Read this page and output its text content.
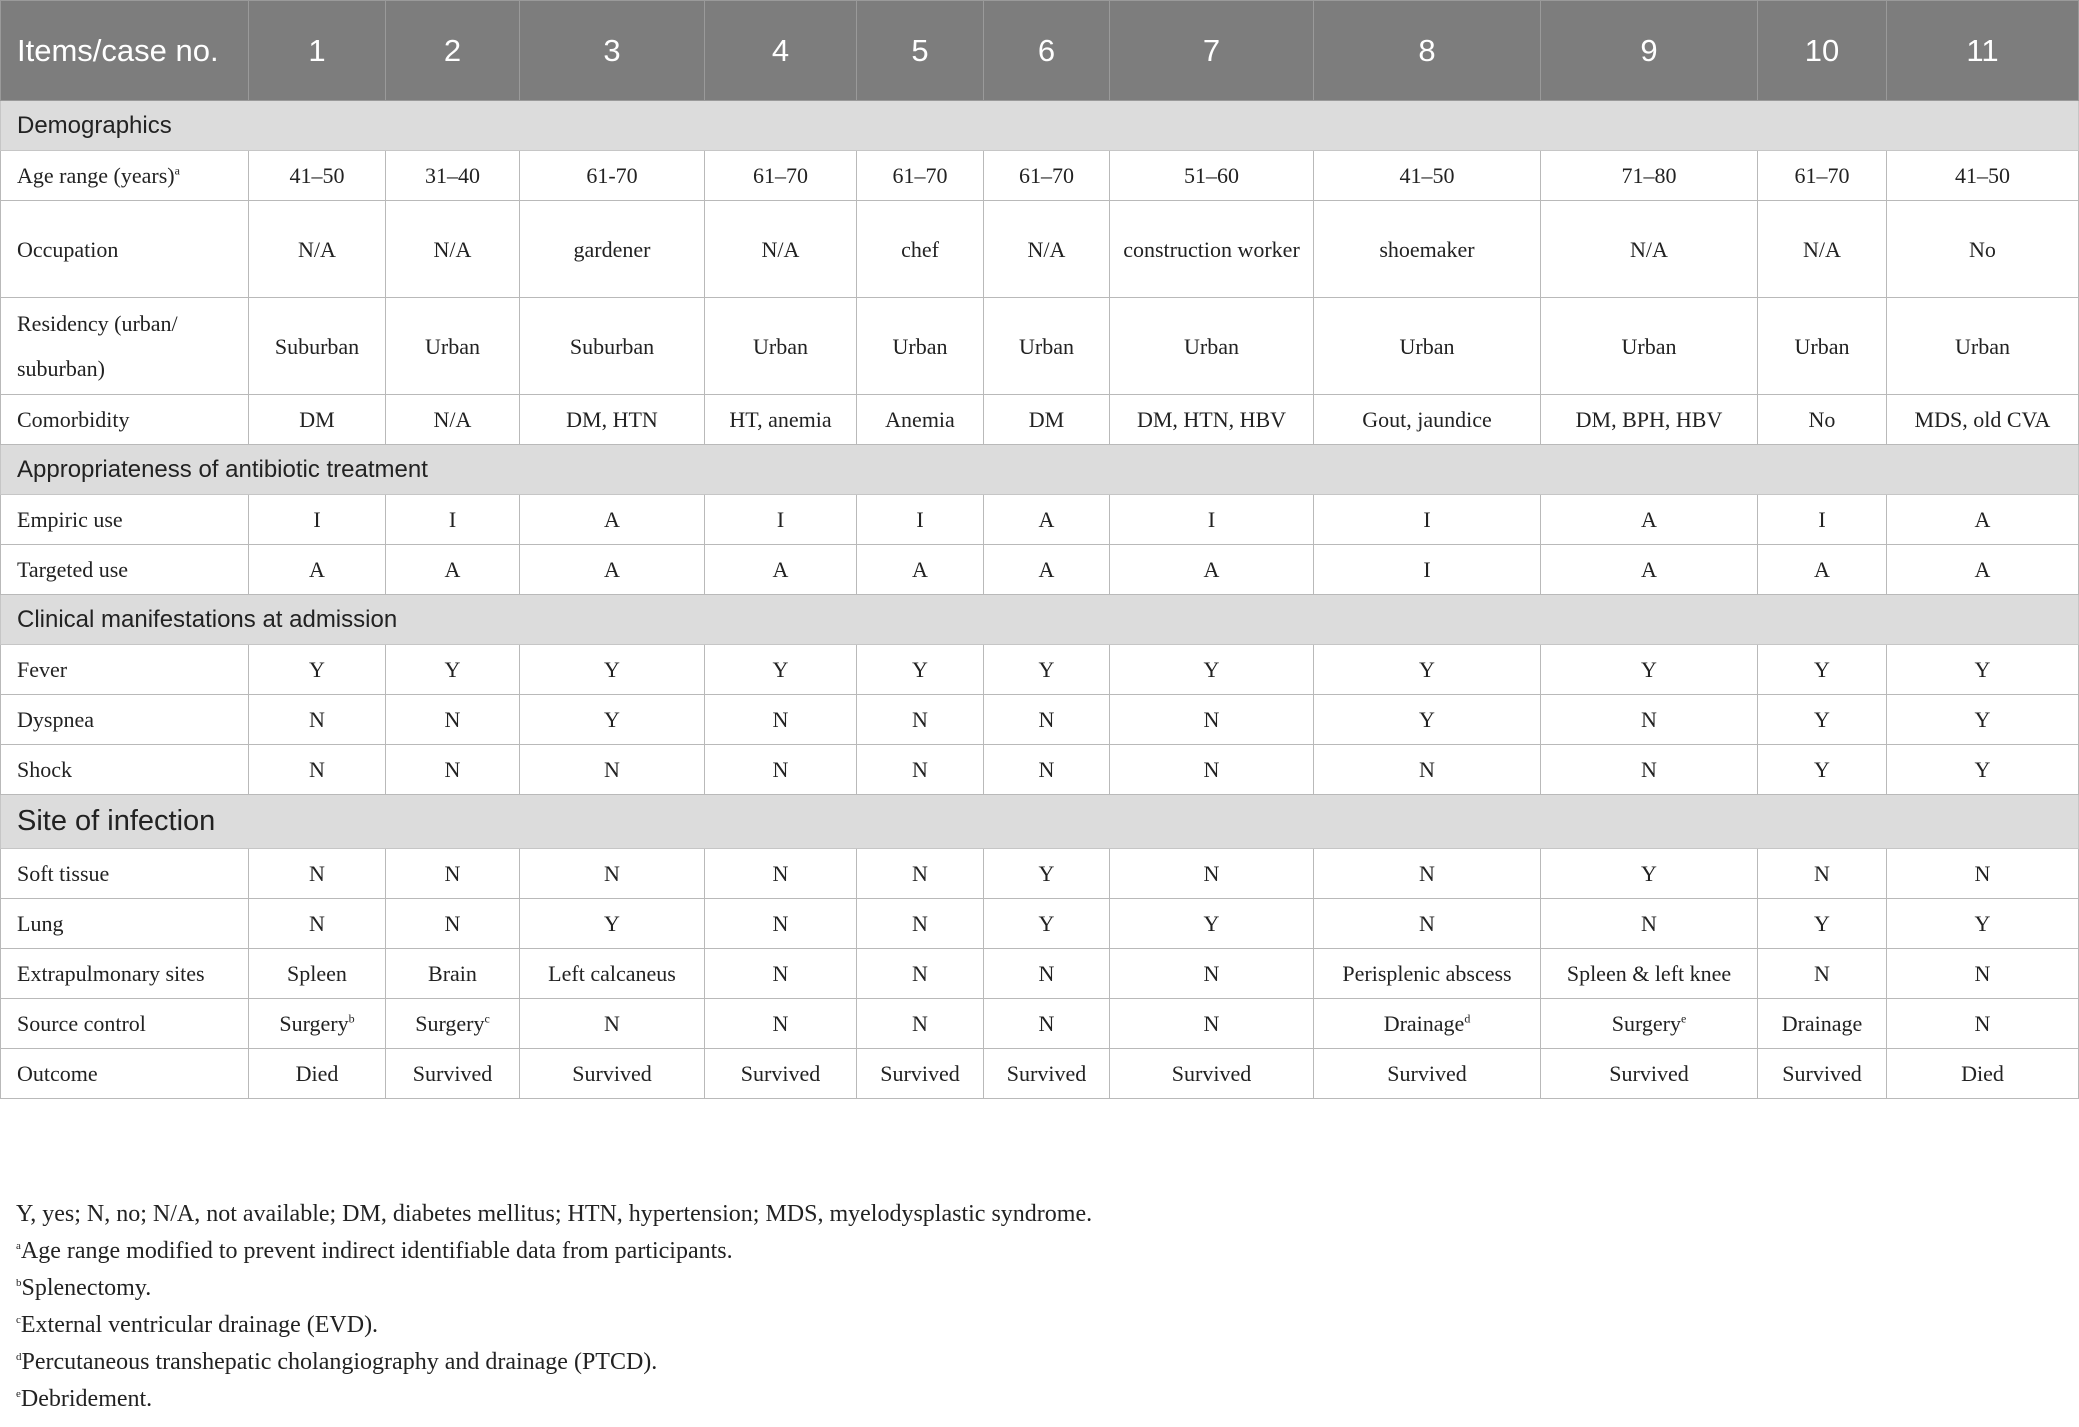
Items/case no.	1	2	3	4	5	6	7	8	9	10	11
Demographics											
Age range (years)$^a$	41–50	31–40	61-70	61–70	61–70	61–70	51–60	41–50	71–80	61–70	41–50
Occupation	N/A	N/A	gardener	N/A	chef	N/A	construction worker	shoemaker	N/A	N/A	No
Residency (urban/ suburban)	Suburban	Urban	Suburban	Urban	Urban	Urban	Urban	Urban	Urban	Urban	Urban
Comorbidity	DM	N/A	DM, HTN	HT, anemia	Anemia	DM	DM, HTN, HBV	Gout, jaundice	DM, BPH, HBV	No	MDS, old CVA
Appropriateness of antibiotic treatment											
Empiric use	I	I	A	I	I	A	I	I	A	I	A
Targeted use	A	A	A	A	A	A	A	I	A	A	A
Clinical manifestations at admission											
Fever	Y	Y	Y	Y	Y	Y	Y	Y	Y	Y	Y
Dyspnea	N	N	Y	N	N	N	N	Y	N	Y	Y
Shock	N	N	N	N	N	N	N	N	N	Y	Y
Site of infection											
Soft tissue	N	N	N	N	N	Y	N	N	Y	N	N
Lung	N	N	Y	N	N	Y	Y	N	N	Y	Y
Extrapulmonary sites	Spleen	Brain	Left calcaneus	N	N	N	N	Perisplenic abscess	Spleen & left knee	N	N
Source control	Surgery$^b$	Surgery$^c$	N	N	N	N	N	Drainage$^d$	Surgery$^e$	Drainage	N
Outcome	Died	Survived	Survived	Survived	Survived	Survived	Survived	Survived	Survived	Survived	Died
Y, yes; N, no; N/A, not available; DM, diabetes mellitus; HTN, hypertension; MDS, myelodysplastic syndrome.
$^a$Age range modified to prevent indirect identifiable data from participants.
$^b$Splenectomy.
$^c$External ventricular drainage (EVD).
$^d$Percutaneous transhepatic cholangiography and drainage (PTCD).
$^e$Debridement.
